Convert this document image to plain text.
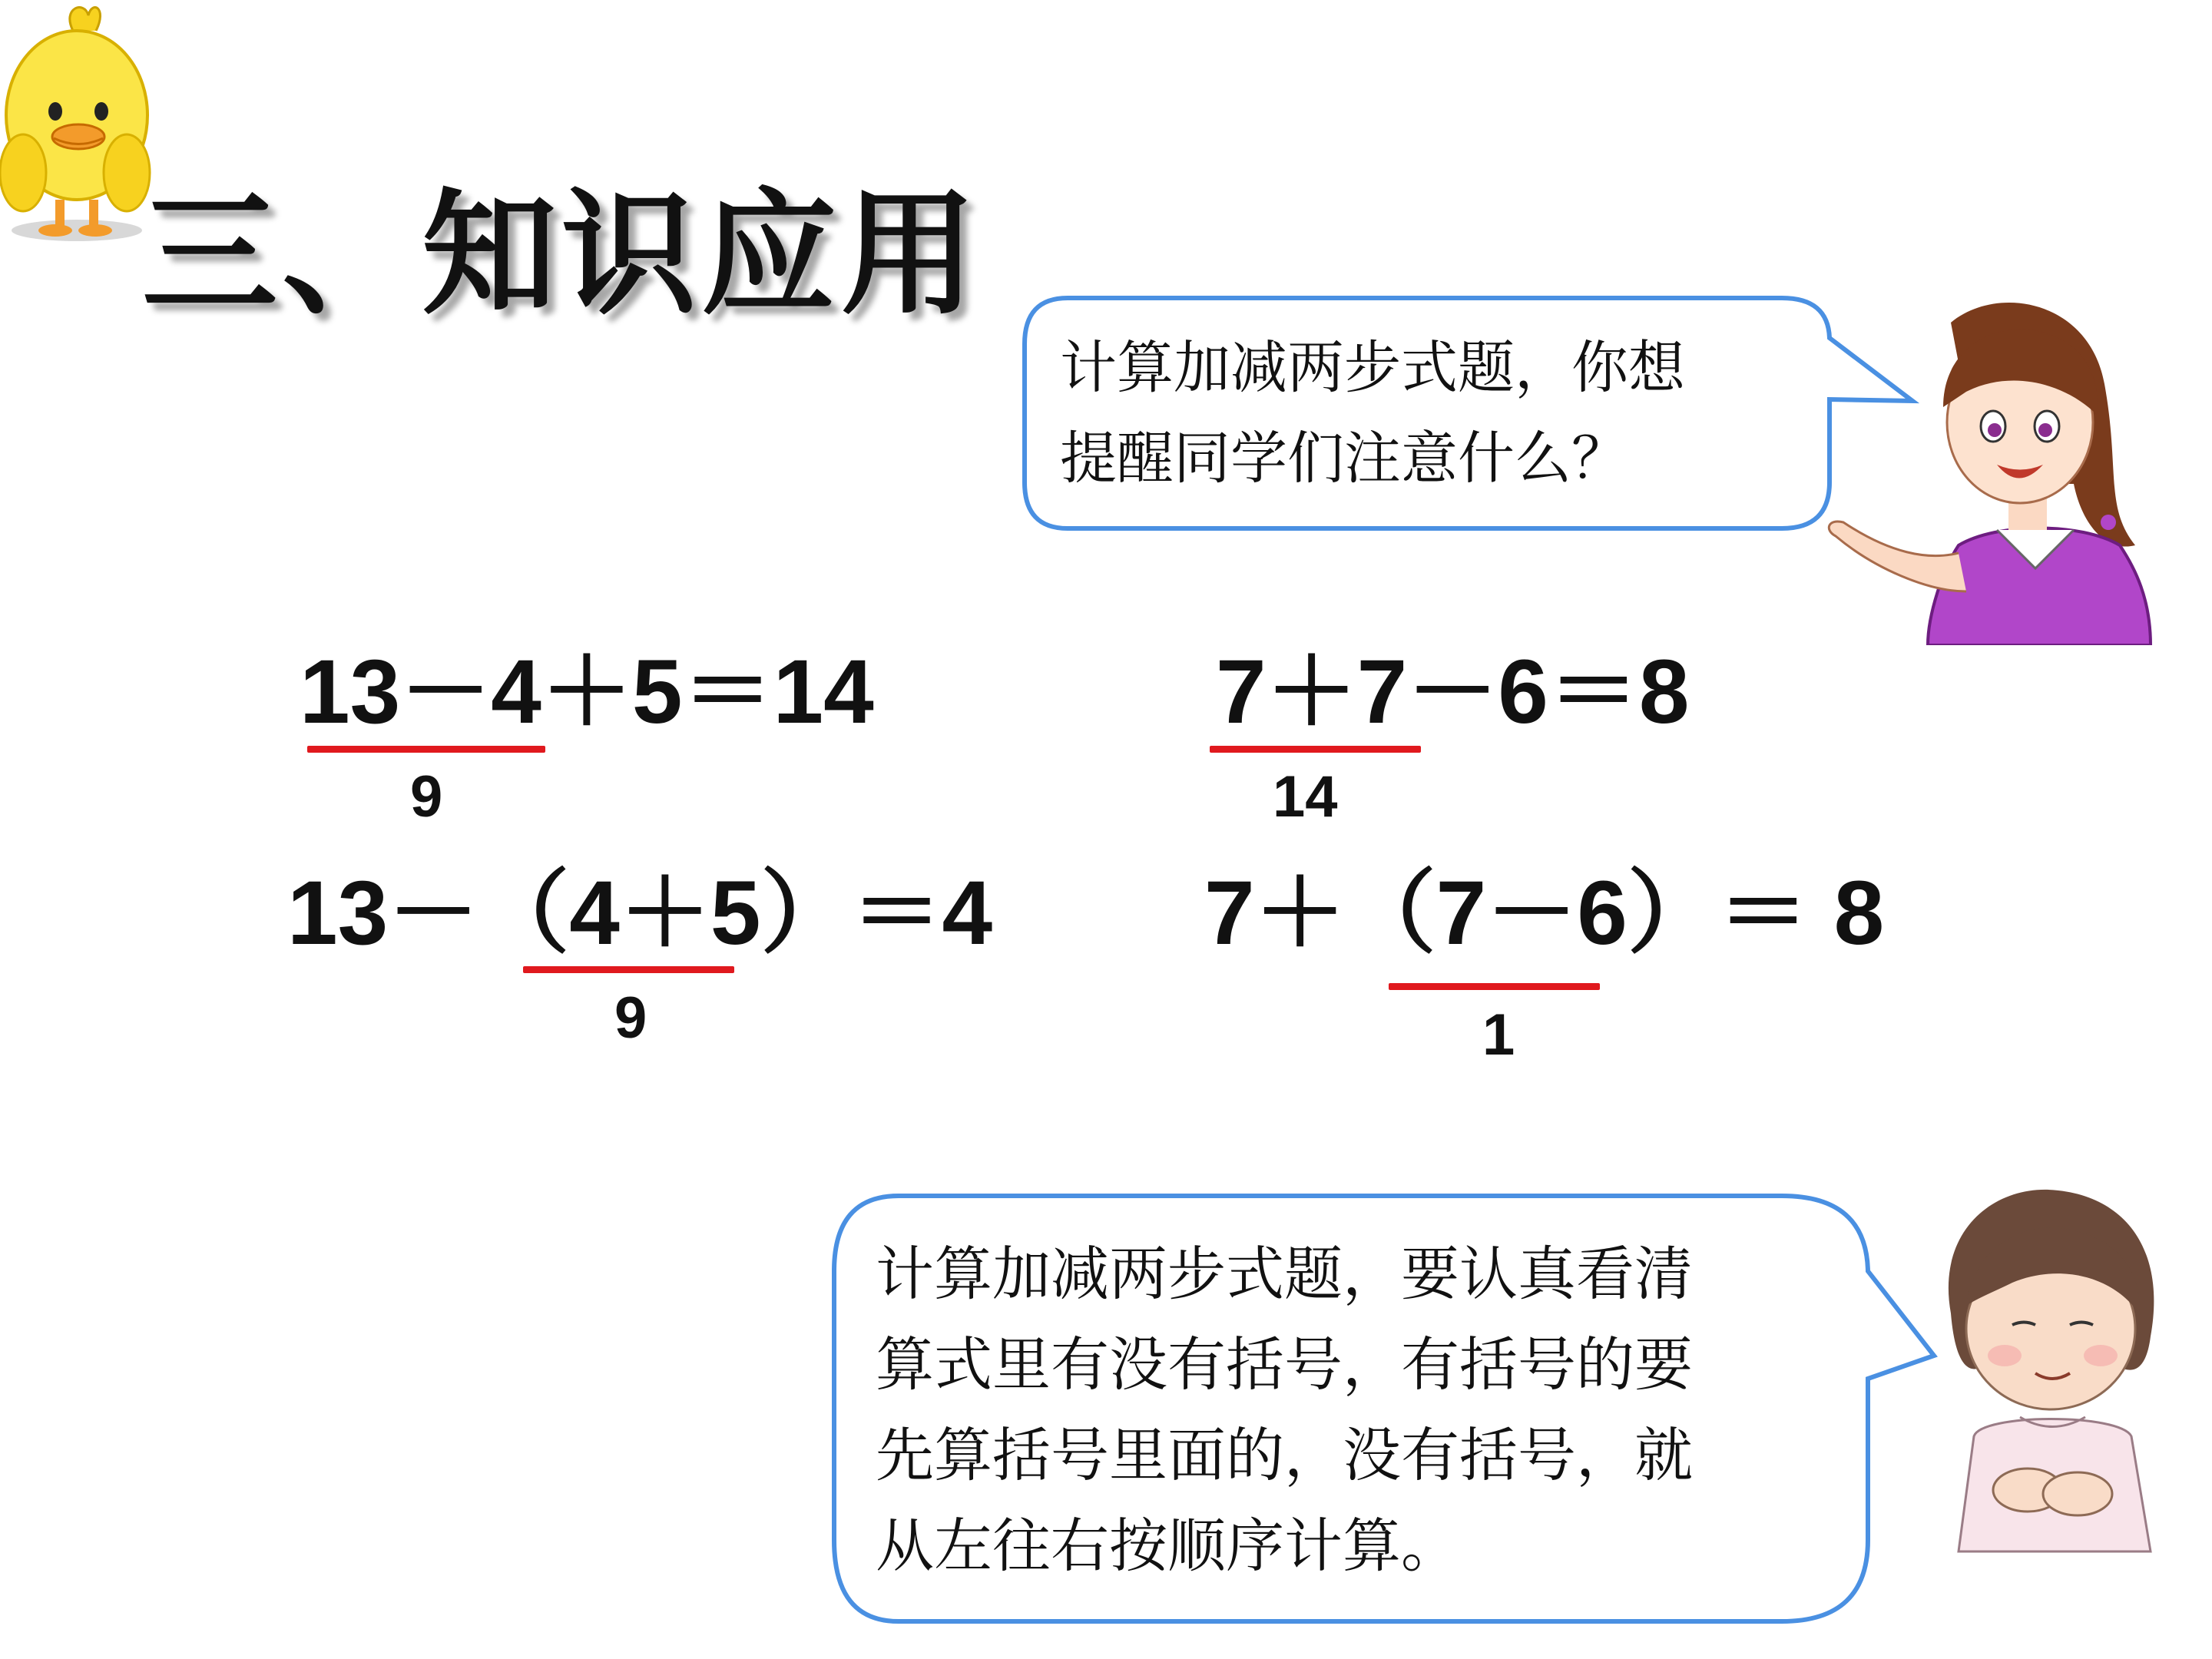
三、知识应用
计算加减两步式题，你想
提醒同学们注意什么？
13－4＋5＝14
9
7＋7－6＝8
14
13－（4＋5）＝4
9
7＋（7－6）＝ 8
1
计算加减两步式题，要认真看清
算式里有没有括号，有括号的要
先算括号里面的，没有括号，就
从左往右按顺序计算。
